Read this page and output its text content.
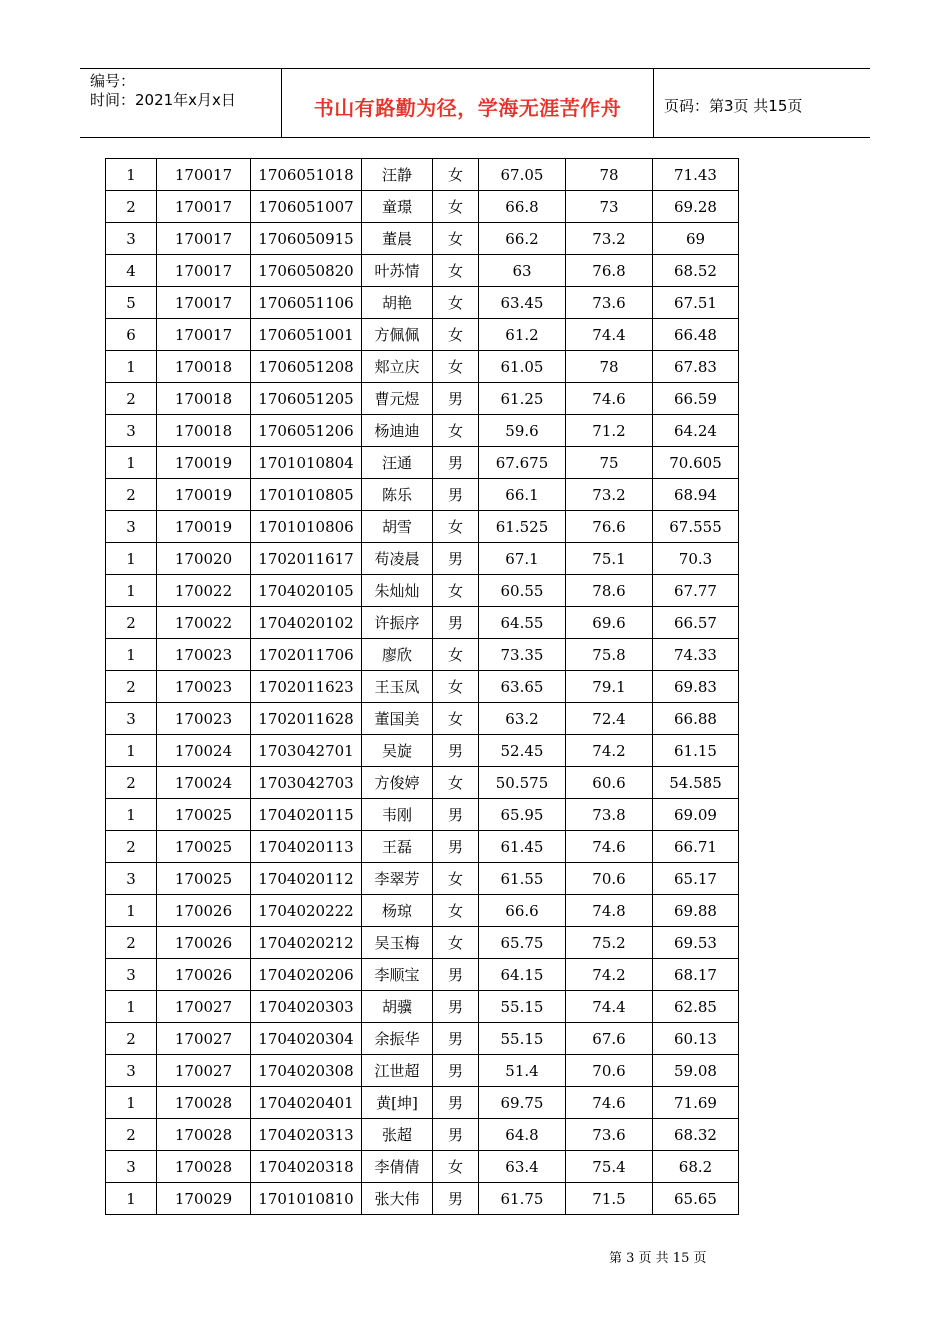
编号：
时间：2021年x月x日	书山有路勤为径，学海无涯苦作舟	页码：第3页 共15页
1	170017	1706051018	汪静	女	67.05	78	71.43
2	170017	1706051007	童璟	女	66.8	73	69.28
3	170017	1706050915	董晨	女	66.2	73.2	69
4	170017	1706050820	叶苏情	女	63	76.8	68.52
5	170017	1706051106	胡艳	女	63.45	73.6	67.51
6	170017	1706051001	方佩佩	女	61.2	74.4	66.48
1	170018	1706051208	郏立庆	女	61.05	78	67.83
2	170018	1706051205	曹元煜	男	61.25	74.6	66.59
3	170018	1706051206	杨迪迪	女	59.6	71.2	64.24
1	170019	1701010804	汪通	男	67.675	75	70.605
2	170019	1701010805	陈乐	男	66.1	73.2	68.94
3	170019	1701010806	胡雪	女	61.525	76.6	67.555
1	170020	1702011617	苟凌晨	男	67.1	75.1	70.3
1	170022	1704020105	朱灿灿	女	60.55	78.6	67.77
2	170022	1704020102	许振序	男	64.55	69.6	66.57
1	170023	1702011706	廖欣	女	73.35	75.8	74.33
2	170023	1702011623	王玉凤	女	63.65	79.1	69.83
3	170023	1702011628	董国美	女	63.2	72.4	66.88
1	170024	1703042701	吴旋	男	52.45	74.2	61.15
2	170024	1703042703	方俊婷	女	50.575	60.6	54.585
1	170025	1704020115	韦刚	男	65.95	73.8	69.09
2	170025	1704020113	王磊	男	61.45	74.6	66.71
3	170025	1704020112	李翠芳	女	61.55	70.6	65.17
1	170026	1704020222	杨琼	女	66.6	74.8	69.88
2	170026	1704020212	吴玉梅	女	65.75	75.2	69.53
3	170026	1704020206	李顺宝	男	64.15	74.2	68.17
1	170027	1704020303	胡骥	男	55.15	74.4	62.85
2	170027	1704020304	余振华	男	55.15	67.6	60.13
3	170027	1704020308	江世超	男	51.4	70.6	59.08
1	170028	1704020401	黄[坤]	男	69.75	74.6	71.69
2	170028	1704020313	张超	男	64.8	73.6	68.32
3	170028	1704020318	李倩倩	女	63.4	75.4	68.2
1	170029	1701010810	张大伟	男	61.75	71.5	65.65
第 3 页 共 15 页
